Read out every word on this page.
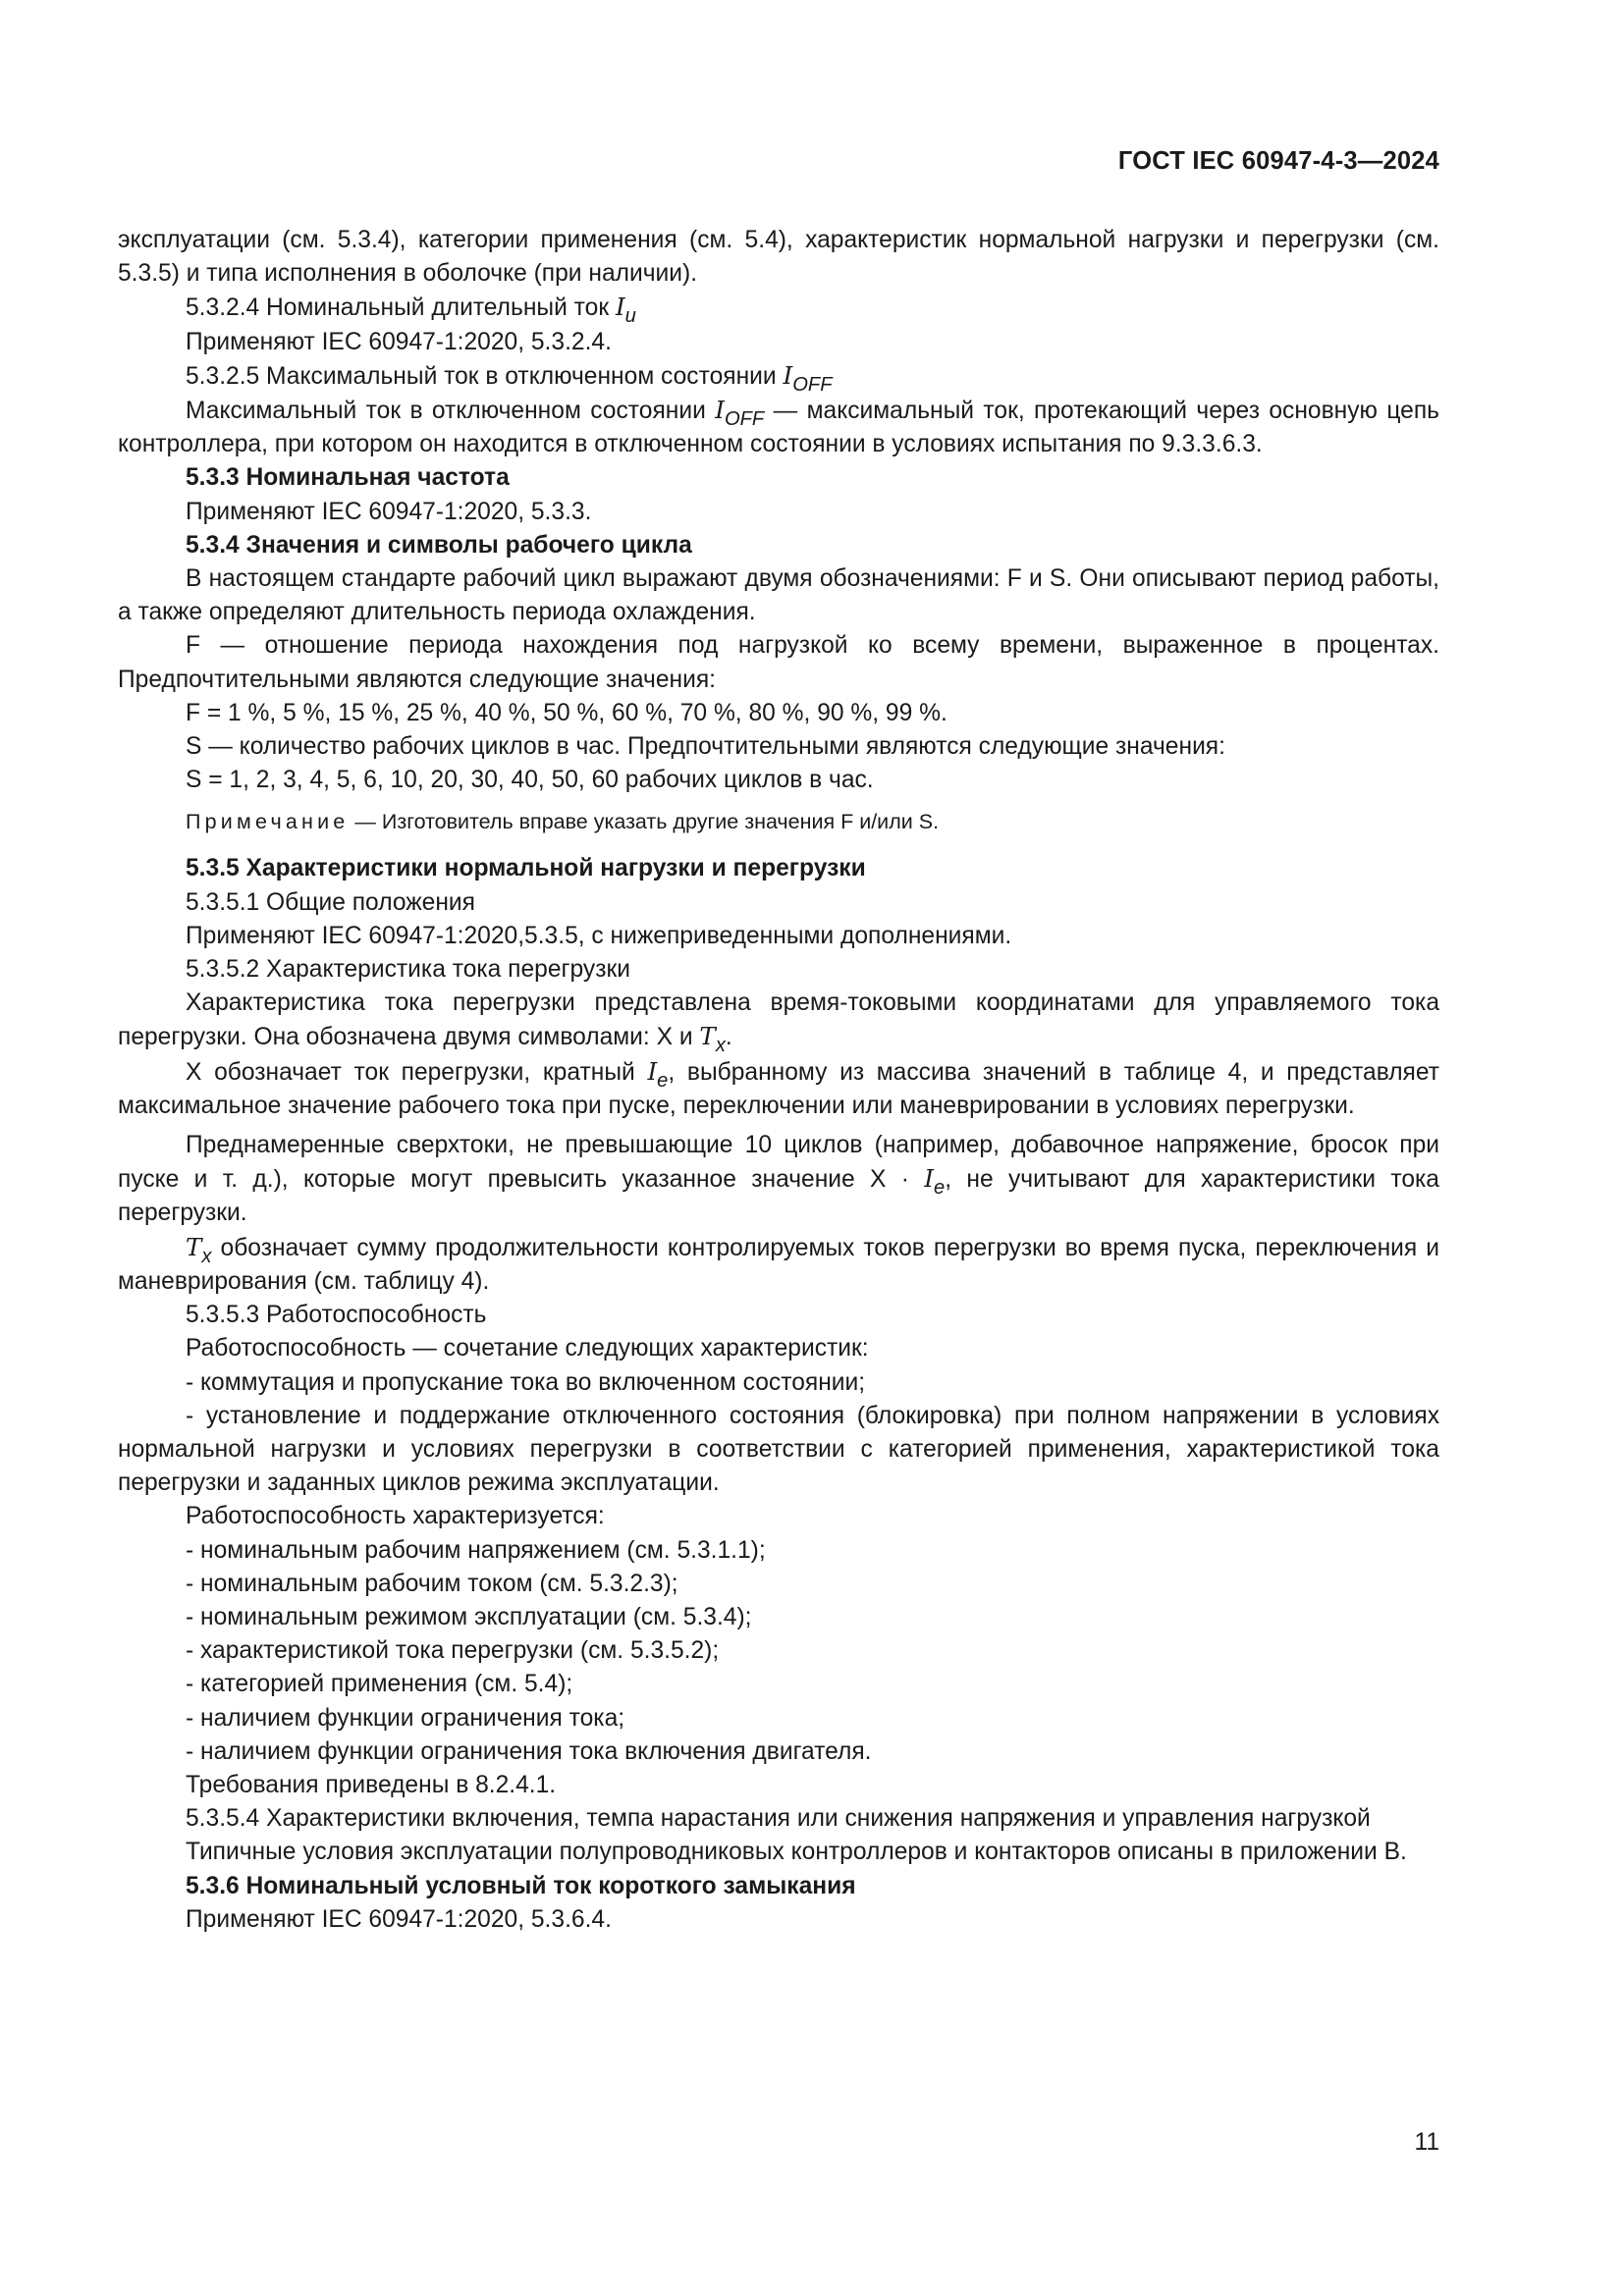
ГОСТ IEC 60947-4-3—2024

эксплуатации (см. 5.3.4), категории применения (см. 5.4), характеристик нормальной нагрузки и перегрузки (см. 5.3.5) и типа исполнения в оболочке (при наличии).

5.3.2.4 Номинальный длительный ток $I_u$

Применяют IEC 60947-1:2020, 5.3.2.4.

5.3.2.5 Максимальный ток в отключенном состоянии $I_{OFF}$

Максимальный ток в отключенном состоянии $I_{OFF}$ — максимальный ток, протекающий через основную цепь контроллера, при котором он находится в отключенном состоянии в условиях испытания по 9.3.3.6.3.

5.3.3 Номинальная частота

Применяют IEC 60947-1:2020, 5.3.3.

5.3.4 Значения и символы рабочего цикла

В настоящем стандарте рабочий цикл выражают двумя обозначениями: F и S. Они описывают период работы, а также определяют длительность периода охлаждения.

F — отношение периода нахождения под нагрузкой ко всему времени, выраженное в процентах. Предпочтительными являются следующие значения:

F = 1 %, 5 %, 15 %, 25 %, 40 %, 50 %, 60 %, 70 %, 80 %, 90 %, 99 %.

S — количество рабочих циклов в час. Предпочтительными являются следующие значения:

S = 1, 2, 3, 4, 5, 6, 10, 20, 30, 40, 50, 60 рабочих циклов в час.

Примечание — Изготовитель вправе указать другие значения F и/или S.

5.3.5 Характеристики нормальной нагрузки и перегрузки

5.3.5.1 Общие положения

Применяют IEC 60947-1:2020,5.3.5, с нижеприведенными дополнениями.

5.3.5.2 Характеристика тока перегрузки

Характеристика тока перегрузки представлена время-токовыми координатами для управляемого тока перегрузки. Она обозначена двумя символами: X и $T_x$.

X обозначает ток перегрузки, кратный $I_e$, выбранному из массива значений в таблице 4, и представляет максимальное значение рабочего тока при пуске, переключении или маневрировании в условиях перегрузки.

Преднамеренные сверхтоки, не превышающие 10 циклов (например, добавочное напряжение, бросок при пуске и т. д.), которые могут превысить указанное значение $X \cdot I_e$, не учитывают для характеристики тока перегрузки.

$T_x$ обозначает сумму продолжительности контролируемых токов перегрузки во время пуска, переключения и маневрирования (см. таблицу 4).

5.3.5.3 Работоспособность

Работоспособность — сочетание следующих характеристик:

- коммутация и пропускание тока во включенном состоянии;

- установление и поддержание отключенного состояния (блокировка) при полном напряжении в условиях нормальной нагрузки и условиях перегрузки в соответствии с категорией применения, характеристикой тока перегрузки и заданных циклов режима эксплуатации.

Работоспособность характеризуется:

- номинальным рабочим напряжением (см. 5.3.1.1);

- номинальным рабочим током (см. 5.3.2.3);

- номинальным режимом эксплуатации (см. 5.3.4);

- характеристикой тока перегрузки (см. 5.3.5.2);

- категорией применения (см. 5.4);

- наличием функции ограничения тока;

- наличием функции ограничения тока включения двигателя.

Требования приведены в 8.2.4.1.

5.3.5.4 Характеристики включения, темпа нарастания или снижения напряжения и управления нагрузкой

Типичные условия эксплуатации полупроводниковых контроллеров и контакторов описаны в приложении В.

5.3.6 Номинальный условный ток короткого замыкания

Применяют IEC 60947-1:2020, 5.3.6.4.

11
